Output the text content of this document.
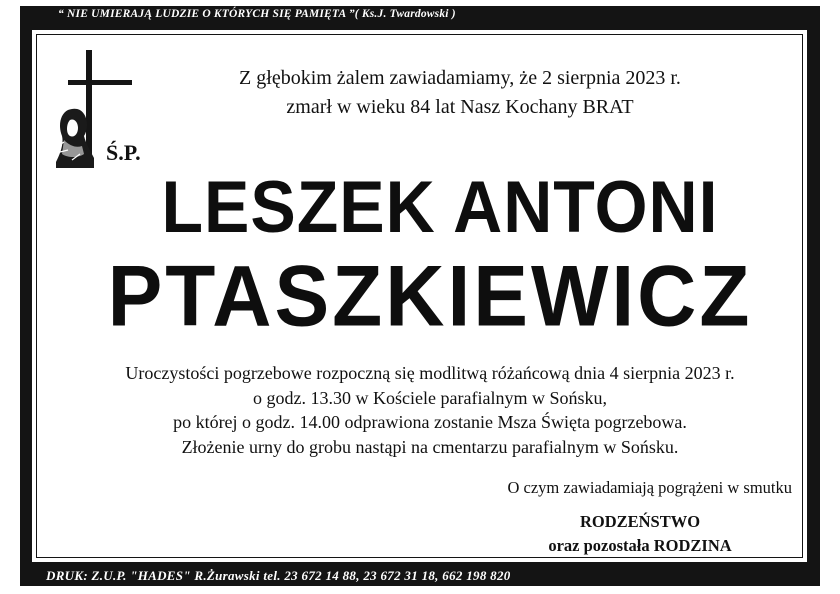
“ NIE UMIERAJĄ LUDZIE O KTÓRYCH SIĘ PAMIĘTA ”( Ks.J. Twardowski )
Z głębokim żalem zawiadamiamy, że 2 sierpnia 2023 r.
zmarł w wieku 84 lat Nasz Kochany BRAT
Ś.P.
LESZEK ANTONI
PTASZKIEWICZ
Uroczystości pogrzebowe rozpoczną się modlitwą różańcową dnia 4 sierpnia 2023 r.
o godz. 13.30 w Kościele parafialnym w Sońsku,
po której o godz. 14.00 odprawiona zostanie Msza Święta pogrzebowa.
Złożenie urny do grobu nastąpi na cmentarzu parafialnym w Sońsku.
O czym zawiadamiają pogrążeni w smutku
RODZEŃSTWO
oraz pozostała RODZINA
DRUK: Z.U.P. "HADES" R.Żurawski tel. 23 672 14 88, 23 672 31 18, 662 198 820
